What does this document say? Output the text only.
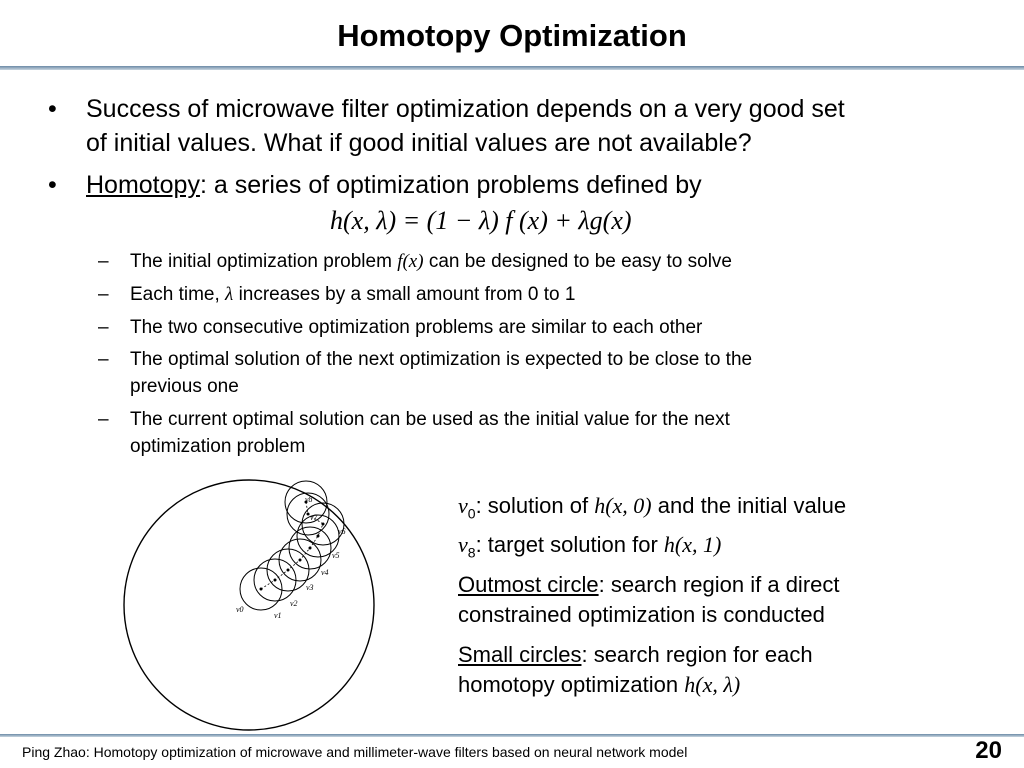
Homotopy Optimization
• Success of microwave filter optimization depends on a very good set
of initial values. What if good initial values are not available?
• Homotopy: a series of optimization problems defined by
h(x, λ) = (1 − λ) f (x) + λg(x)
– The initial optimization problem f(x) can be designed to be easy to solve
– Each time, λ increases by a small amount from 0 to 1
– The two consecutive optimization problems are similar to each other
– The optimal solution of the next optimization is expected to be close to the
previous one
– The current optimal solution can be used as the initial value for the next
optimization problem
v0
v1
v2
v3
v4
v5
v6
v7
v8	$v_0$: solution of h(x, 0) and the initial value
$v_8$: target solution for h(x, 1)
Outmost circle: search region if a direct
constrained optimization is conducted
Small circles: search region for each
homotopy optimization h(x, λ)
Ping Zhao: Homotopy optimization of microwave and millimeter-wave filters based on neural network model	20
